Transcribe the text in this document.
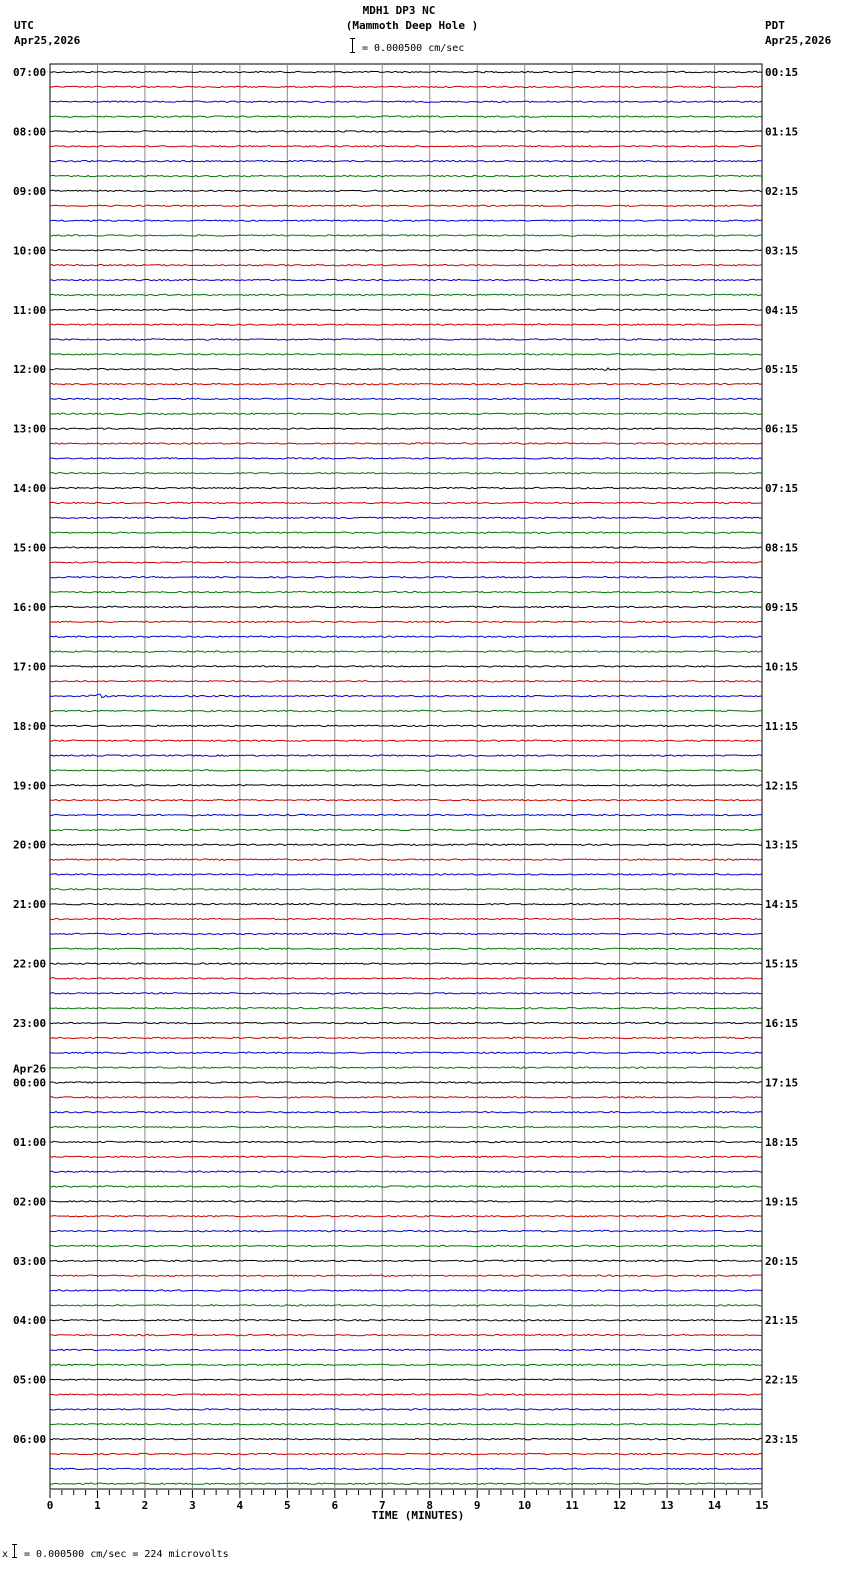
MDH1 DP3 NC
(Mammoth Deep Hole )
= 0.000500 cm/sec
UTC
Apr25,2026
PDT
Apr25,2026
07:00
08:00
09:00
10:00
11:00
12:00
13:00
14:00
15:00
16:00
17:00
18:00
19:00
20:00
21:00
22:00
23:00
00:00
Apr26
01:00
02:00
03:00
04:00
05:00
06:00
00:15
01:15
02:15
03:15
04:15
05:15
06:15
07:15
08:15
09:15
10:15
11:15
12:15
13:15
14:15
15:15
16:15
17:15
18:15
19:15
20:15
21:15
22:15
23:15
0	1	2	3	4	5	6	7	8	9	10	11	12	13	14	15
TIME (MINUTES)
x = 0.000500 cm/sec = 224 microvolts
